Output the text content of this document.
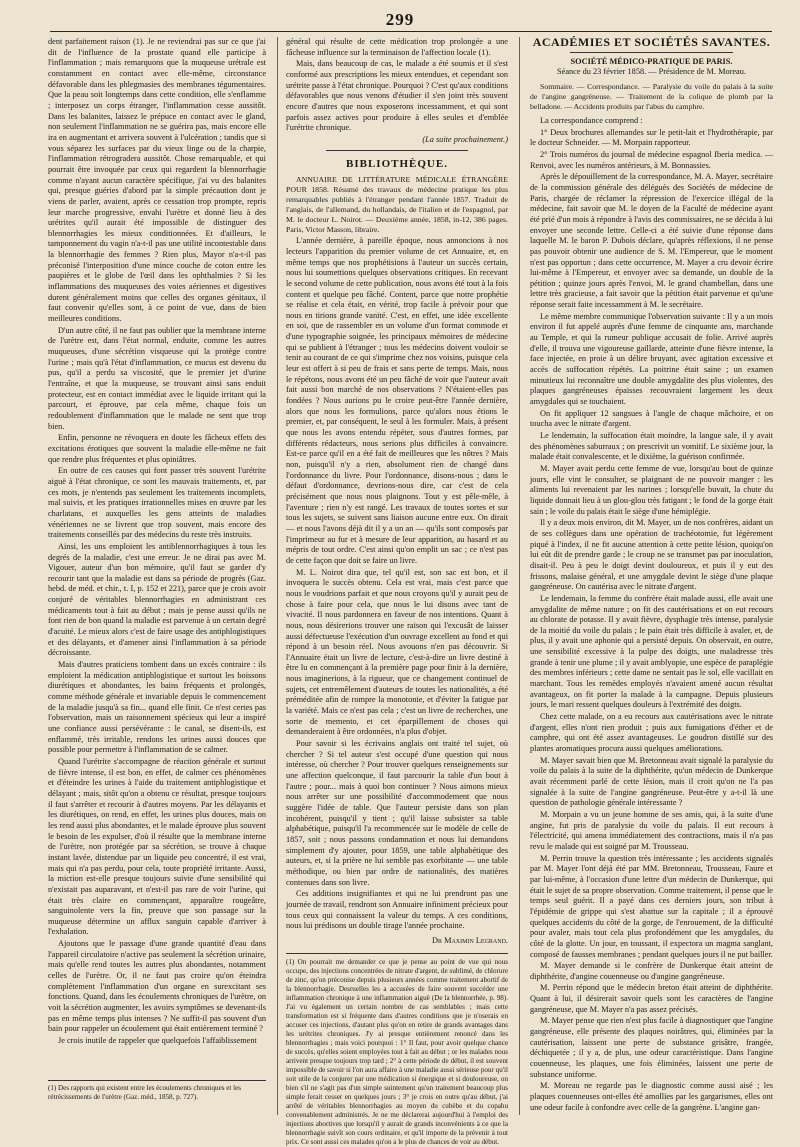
299

dent parfaitement raison (1). Je ne reviendrai pas sur ce que j'ai dit de l'influence de la prostate quand elle participe à l'inflammation ; mais remarquons que la muqueuse urétrale est constamment en contact avec elle-même, circonstance défavorable dans les phlegmasies des membranes tégumentaires. Que la peau soit longtemps dans cette condition, elle s'enflamme ; interposez un corps étranger, l'inflammation cesse aussitôt. Dans les balanites, laissez le prépuce en contact avec le gland, non seulement l'inflammation ne se guérira pas, mais encore elle ira en augmentant et arrivera souvent à l'ulcération ; tandis que si vous séparez les surfaces par du vieux linge ou de la charpie, l'inflammation rétrogradera aussitôt. Chose remarquable, et qui pourrait être invoquée par ceux qui regardent la blennorrhagie comme n'ayant aucun caractère spécifique, j'ai vu des balanites qui, presque guéries d'abord par la simple précaution dont je viens de parler, avaient, après ce cessation trop prompte, repris leur marche progressive, envahi l'urètre et donné lieu à des urétrites qu'il aurait été impossible de distinguer des blennorrhagies les mieux conditionnées. Et d'ailleurs, le tamponnement du vagin n'a-t-il pas une utilité incontestable dans la blennorrhagie des femmes ? Rien plus, Mayor n'a-t-il pas préconisé l'interposition d'une mince couche de coton entre les paupières et le globe de l'œil dans les ophthalmies ? Si les inflammations des muqueuses des voies aériennes et digestives durent généralement moins que celles des organes génitaux, il faut convenir qu'elles sont, à ce point de vue, dans de bien meilleures conditions.

D'un autre côté, il ne faut pas oublier que la membrane interne de l'urètre est, dans l'état normal, enduite, comme les autres muqueuses, d'une sécrétion visqueuse qui la protège contre l'urine ; mais qu'à l'état d'inflammation, ce mucus est devenu du pus, qu'il a perdu sa viscosité, que le premier jet d'urine l'entraîne, et que la muqueuse, se trouvant ainsi sans enduit protecteur, est en contact immédiat avec le liquide irritant qui la parcourt, et éprouve, par cela même, chaque fois un redoublement d'inflammation que le malade ne sent que trop bien.

Enfin, personne ne révoquera en doute les fâcheux effets des excitations érotiques que souvent la maladie elle-même ne fait que rendre plus fréquentes et plus opiniâtres.

En outre de ces causes qui font passer très souvent l'urétrite aiguë à l'état chronique, ce sont les mauvais traitements, et, par ces mots, je n'entends pas seulement les traitements incomplets, mal suivis, et les pratiques irrationnelles mises en œuvre par les charlatans, et auxquelles les gens atteints de maladies vénériennes ne se livrent que trop souvent, mais encore des traitements conseillés par des médecins du reste très instruits.

Ainsi, les uns emploient les antiblennorrhagiques à tous les degrés de la maladie, c'est une erreur. Je ne dirai pas avec M. Vigouer, auteur d'un bon mémoire, qu'il faut se garder d'y recourir tant que la maladie est dans sa période de progrès (Gaz. hebd. de méd. et chir., t. I, p. 152 et 221), parce que je crois avoir conjuré de véritables blennorrhagies en administrant ces médicaments tout à fait au début ; mais je pense aussi qu'ils ne font rien de bon quand la maladie est parvenue à un certain degré d'acuité. Le mieux alors c'est de faire usage des antiphlogistiques et des délayants, et d'amener ainsi l'inflammation à sa période décroissante.

Mais d'autres praticiens tombent dans un excès contraire : ils emploient la médication antiphlogistique et surtout les boissons diurétiques et abondantes, les bains fréquents et prolongés, comme méthode générale et invariable depuis le commencement de la maladie jusqu'à sa fin... quand elle finit. Ce n'est certes pas l'observation, mais un raisonnement spécieux qui leur a inspiré une confiance aussi persévérante : le canal, se disent-ils, est enflammé, très irritable, rendons les urines aussi douces que possible pour permettre à l'inflammation de se calmer.

Quand l'urétrite s'accompagne de réaction générale et surtout de fièvre intense, il est bon, en effet, de calmer ces phénomènes et d'éteindre les urines à l'aide du traitement antiphlogistique et délayant ; mais, sitôt qu'on a obtenu ce résultat, presque toujours il faut s'arrêter et recourir à d'autres moyens. Par les délayants et les diurétiques, on rend, en effet, les urines plus douces, mais on les rend aussi plus abondantes, et le malade éprouve plus souvent le besoin de les expulser, d'où il résulte que la membrane interne de l'urètre, non protégée par sa sécrétion, se trouve à chaque instant lavée, distendue par un liquide peu concentré, il est vrai, mais qui n'a pas perdu, pour cela, toute propriété irritante. Aussi, la miction est-elle presque toujours suivie d'une sensibilité qui n'existait pas auparavant, et n'est-il pas rare de voir l'urine, qui était très claire en commençant, apparaître rougeâtre, sanguinolente vers la fin, preuve que son passage sur la muqueuse détermine un afflux sanguin capable d'arriver à l'exhalation.

Ajoutons que le passage d'une grande quantité d'eau dans l'appareil circulatoire n'active pas seulement la sécrétion urinaire, mais qu'elle rend toutes les autres plus abondantes, notamment celles de l'urètre. Or, il ne faut pas croire qu'on éteindra complètement l'inflammation d'un organe en surexcitant ses fonctions. Quand, dans les écoulements chroniques de l'urètre, on voit la sécrétion augmenter, les avoirs symptômes se devenant-ils pas en même temps plus intenses ? Ne suffit-il pas souvent d'un bain pour rappeler un écoulement qui était entièrement terminé ?

Je crois inutile de rappeler que quelquefois l'affaiblissement

(1) Des rapports qui existent entre les écoulements chroniques et les rétrécissements de l'urètre (Gaz. méd., 1858, p. 727).

général qui résulte de cette médication trop prolongée a une fâcheuse influence sur la terminaison de l'affection locale (1).

Mais, dans beaucoup de cas, le malade a été soumis et il s'est conformé aux prescriptions les mieux entendues, et cependant son urétrite passe à l'état chronique. Pourquoi ? C'est qu'aux conditions défavorables que nous venons d'étudier il s'en joint très souvent encore d'autres que nous exposerons incessamment, et qui sont parfois assez actives pour produire à elles seules et d'emblée l'urétrite chronique.

(La suite prochainement.)

BIBLIOTHÈQUE.

ANNUAIRE DE LITTÉRATURE MÉDICALE ÉTRANGÈRE POUR 1858. Résumé des travaux de médecine pratique les plus remarquables publiés à l'étranger pendant l'année 1857. Traduit de l'anglais, de l'allemand, du hollandais, de l'italien et de l'espagnol, par M. le docteur L. Noirot. — Deuxième année, 1858, in-12, 386 pages. Paris, Victor Masson, libraire.

L'année dernière, à pareille époque, nous annoncions à nos lecteurs l'apparition du premier volume de cet Annuaire, et, en même temps que nos prophétisions à l'auteur un succès certain, nous lui soumettions quelques observations critiques. En recevant le second volume de cette publication, nous avons été tout à la fois content et quelque peu fâché. Content, parce que notre prophétie se réalise et cela était, en vérité, trop facile à prévoir pour que nous en tirions grande vanité. C'est, en effet, une idée excellente en soi, que de rassembler en un volume d'un format commode et d'une typographie soignée, les principaux mémoires de médecine qui se publient à l'étranger ; tous les médecins doivent vouloir se tenir au courant de ce qui s'imprime chez nos voisins, puisque cela leur est offert à si peu de frais et sans perte de temps. Mais, nous le répétons, nous avons été un peu fâché de voir que l'auteur avait fait aussi bon marché de nos observations ? N'étaient-elles pas fondées ? Nous aurions pu le croire peut-être l'année dernière, alors que nous les formulions, parce qu'alors nous étions le premier, et, par conséquent, le seul à les formuler. Mais, à présent que nous les avons entendu répéter, sous d'autres formes, par différents rédacteurs, nous serions plus difficiles à convaincre. Est-ce parce qu'il en a été fait de meilleures que les nôtres ? Mais non, puisqu'il n'y a rien, absolument rien de changé dans l'ordonnance du livre. Pour l'ordonnance, disons-nous ; dans le défaut d'ordonnance, devrions-nous dire, car c'est de cela précisément que nous nous plaignons. Tout y est pêle-mêle, à l'aventure ; rien n'y est rangé. Les travaux de toutes sortes et sur tous les sujets, se suivent sans liaison aucune entre eux. On dirait — et nous l'avons déjà dit il y a un an — qu'ils sont composés par l'imprimeur au fur et à mesure de leur apparition, au hasard et au mépris de tout ordre. C'est ainsi qu'on emplit un sac ; ce n'est pas de cette façon que doit se faire un livre.

M. L. Noirot dira que, tel qu'il est, son sac est bon, et il invoquera le succès obtenu. Cela est vrai, mais c'est parce que nous le voudrions parfait et que nous croyons qu'il y aurait peu de chose à faire pour cela, que nous le lui disons avec tant de vivacité. Il nous pardonnera en faveur de nos intentions. Quant à nous, nous désirerions trouver une raison qui l'excusât de laisser aussi défectueuse l'exécution d'un ouvrage excellent au fond et qui répond à un besoin réel. Nous avouons n'en pas découvrir. Si l'Annuaire était un livre de lecture, c'est-à-dire un livre destiné à être lu en commençant à la première page pour finir à la dernière, nous imaginerions, à la rigueur, que ce changement continuel de sujets, cet entremêlement d'auteurs de toutes les nationalités, a été préméditée afin de rompre la monotonie, et d'éviter la fatigue par la variété. Mais ce n'est pas cela ; c'est un livre de recherches, une sorte de memento, et cet éparpillement de choses qui demanderaient à être ordonnées, n'a plus d'objet.

Pour savoir si les écrivains anglais ont traité tel sujet, où chercher ? Si tel auteur s'est occupé d'une question qui nous intéresse, où chercher ? Pour trouver quelques renseignements sur une affection quelconque, il faut parcourir la table d'un bout à l'autre ; pour... mais à quoi bon continuer ? Nous aimons mieux nous arrêter sur une possibilité d'accommodement que nous suggère l'idée de table. Que l'auteur persiste dans son plan incohérent, puisqu'il y tient ; qu'il laisse subsister sa table alphabétique, puisqu'il l'a recommencée sur le modèle de celle de 1857, soit ; nous passons condamnation et nous lui demandons simplement d'y ajouter, pour 1859, une table alphabétique des auteurs, et, si la prière ne lui semble pas exorbitante — une table méthodique, ou bien par ordre de nationalités, des matières contenues dans son livre.

Ces additions insignifiantes et qui ne lui prendront pas une journée de travail, rendront son Annuaire infiniment précieux pour tous ceux qui connaissent la valeur du temps. A ces conditions, nous lui prédisons un double tirage l'année prochaine.

Dr Maximin Legrand.
(1) On pourrait me demander ce que je pense au point de vue qui nous occupe, des injections concentrées de nitrate d'argent, de sublimé, de chlorure de zinc, qu'on préconise depuis plusieurs années comme traitement abortif de la blennorrhagie. Desruelles les a accusées de faire souvent succéder une inflammation chronique à une inflammation aiguë (De la blennorrhée, p. 98). J'ai vu également un certain nombre de cas semblables ; mais cette transformation est si fréquente dans d'autres conditions que je n'oserais en accuser ces injections, d'autant plus qu'on en retire de grands avantages dans les urétrites chroniques. J'y ai presque entièrement renoncé dans les blennorrhagies ; mais voici pourquoi : 1° Il faut, pour avoir quelque chance de succès, qu'elles soient employées tout à fait au début ; or les malades nous arrivent presque toujours trop tard ; 2° à cette période de début, il est souvent impossible de savoir si l'on aura affaire à une maladie aussi sérieuse pour qu'il soit utile de la conjurer par une médication si énergique et si douloureuse, on bien s'il ne s'agit pas d'un simple suintement qu'un traitement beaucoup plus simple ferait cesser en quelques jours ; 3° je crois en outre qu'au début, j'ai arrêté de véritables blennorrhagies au moyen du cubèbe et du copahu convenablement administrés. Je ne me déclarerai aujourd'hui à l'emploi des injections abortives que lorsqu'il y aurait de grands inconvénients à ce que la blennorrhagie suivît son cours ordinaire, et qu'il importe de la prévenir à tout prix. Ce sont aussi ces malades qu'on a le plus de chances de voir au début.
ACADÉMIES ET SOCIÉTÉS SAVANTES.
SOCIÉTÉ MÉDICO-PRATIQUE DE PARIS.
Séance du 23 février 1858. — Présidence de M. Moreau.

Sommaire. — Correspondance. — Paralysie du voile du palais à la suite de l'angine gangréneuse. — Traitement de la colique de plomb par la belladone. — Accidents produits par l'abus du camphre.

La correspondance comprend :

1° Deux brochures allemandes sur le petit-lait et l'hydrothérapie, par le docteur Schneider. — M. Morpain rapporteur.

2° Trois numéros du journal de médecine espagnol Iberia medica. — Renvoi, avec les numéros antérieurs, à M. Bonnassies.

Après le dépouillement de la correspondance, M. A. Mayer, secrétaire de la commission générale des délégués des Sociétés de médecine de Paris, chargée de réclamer la répression de l'exercice illégal de la médecine, fait savoir que M. le doyen de la Faculté de médecine ayant été prié d'un mois à répondre à l'avis des commissaires, ne se décida à lui envoyer une seconde lettre. Celle-ci a été suivie d'une réponse dans laquelle M. le baron P. Dubois déclare, qu'après réflexions, il ne pense pas pouvoir obtenir une audience de S. M. l'Empereur, que le moment n'est pas opportun ; dans cette occurrence, M. Mayer a cru devoir écrire lui-même à l'Empereur, et envoyer avec sa demande, un double de la pétition ; quinze jours après l'envoi, M. le grand chambellan, dans une lettre très gracieuse, a fait savoir que la pétition était parvenue et qu'une réponse serait faite incessamment à M. le secrétaire.

Le même membre communique l'observation suivante : Il y a un mois environ il fut appelé auprès d'une femme de cinquante ans, marchande au Temple, et qui la rumeur publique accusait de folie. Arrivé auprès d'elle, il trouva une vigoureuse gaillarde, atteinte d'une fièvre intense, la face injectée, en proie à un délire bruyant, avec agitation excessive et accès de suffocation répétés. La poitrine était saine ; un examen minutieux lui reconnaître une double amygdalite des plus violentes, des plaques gangréneuses épaisses recouvraient largement les deux amygdales qui se touchaient.

On fit appliquer 12 sangsues à l'angle de chaque mâchoire, et on toucha avec le nitrate d'argent.

Le lendemain, la suffocation était moindre, la langue sale, il y avait des phénomènes saburraux ; on prescrivit un vomitif. Le sixième jour, la malade était convalescente, et le dixième, la guérison confirmée.

M. Mayer avait perdu cette femme de vue, lorsqu'au bout de quinze jours, elle vint le consulter, se plaignant de ne pouvoir manger : les aliments lui revenaient par les narines ; lorsqu'elle buvait, la chute du liquide donnait lieu à un glou-glou très fatigant ; le fond de la gorge était sain ; le voile du palais était le siège d'une hémiplégie.

Il y a deux mois environ, dit M. Mayer, un de nos confrères, aidant un de ses collègues dans une opération de trachéotomie, fut légèrement piqué à l'index, il ne fit aucune attention à cette petite lésion, quoiqu'on lui eût dit de prendre garde ; le croup ne se transmet pas par inoculation, disait-il. Peu à peu le doigt devint douloureux, et puis il y eut des frissons, malaise général, et une amygdale devint le siège d'une plaque gangréneuse. On cautérisa avec le nitrate d'argent.

Le lendemain, la femme du confrère était malade aussi, elle avait une amygdalite de même nature ; on fit des cautérisations et on eut recours au chlorate de potasse. Il y avait fièvre, dysphagie très intense, paralysie de la moitié du voile du palais ; le pain était très difficile à avaler, et, de plus, il y avait une aphonie qui a persisté depuis. On observait, en outre, une sensibilité excessive à la pulpe des doigts, une maladresse très grande à tenir une plume ; il y avait amblyopie, une espèce de paraplégie des membres inférieurs ; cette dame ne sentait pas le sol, elle vacillait en marchant. Tous les remèdes employés n'avaient amené aucun résultat avantageux, on fit porter la malade à la campagne. Depuis plusieurs jours, le mari ressent quelques douleurs à l'extrémité des doigts.

Chez cette malade, on a eu recours aux cautérisations avec le nitrate d'argent, elles n'ont rien produit ; puis aux fumigations d'éther et de camphre, qui ont été assez avantageuses. Le goudron distillé sur des plantes aromatiques procura aussi quelques améliorations.

M. Mayer savait bien que M. Bretonneau avait signalé la paralysie du voile du palais à la suite de la diphthérite, qu'un médecin de Dunkerque avait récemment parlé de cette lésion, mais il croit qu'on ne l'a pas signalée à la suite de l'angine gangréneuse. Peut-être y a-t-il là une question de pathologie générale intéressante ?

M. Morpain a vu un jeune homme de ses amis, qui, à la suite d'une angine, fut pris de paralysie du voile du palais. Il eut recours à l'électricité, qui amena immédiatement des contractions, mais il n'a pas revu le malade qui est soigné par M. Trousseau.

M. Perrin trouve la question très intéressante ; les accidents signalés par M. Mayer l'ont déjà été par MM. Bretonneau, Trousseau, Faure et par lui-même, à l'occasion d'une lettre d'un médecin de Dunkerque, qui était le sujet de sa propre observation. Comme traitement, il pense que le temps seul guérit. Il a payé dans ces derniers jours, son tribut à l'épidémie de grippe qui s'est abattue sur la capitale ; il a éprouvé quelques accidents du côté de la gorge, de l'enrouement, de la difficulté pour avaler, mais tout cela plus profondément que les amygdales, du côté de la glotte. Un jour, en toussant, il expectora un magma sanglant, composé de fausses membranes ; pendant quelques jours il ne put bailler.

M. Mayer demande si le confrère de Dunkerque était atteint de diphthérite, d'angine couenneuse ou d'angine gangréneuse.

M. Perrin répond que le médecin breton était atteint de diphthérite. Quant à lui, il désirerait savoir quels sont les caractères de l'angine gangréneuse, que M. Mayer n'a pas assez précisés.

M. Mayer pense que rien n'est plus facile à diagnostiquer que l'angine gangréneuse, elle présente des plaques noirâtres, qui, éliminées par la cautérisation, laissent une perte de substance grisâtre, frangée, déchiquetée ; il y a, de plus, une odeur caractéristique. Dans l'angine couenneuse, les plaques, une fois éliminées, laissent une perte de substance uniforme.

M. Moreau ne regarde pas le diagnostic comme aussi aisé ; les plaques couenneuses ont-elles été amollies par les gargarismes, elles ont une odeur facile à confondre avec celle de la gangrène. L'angine gan-
